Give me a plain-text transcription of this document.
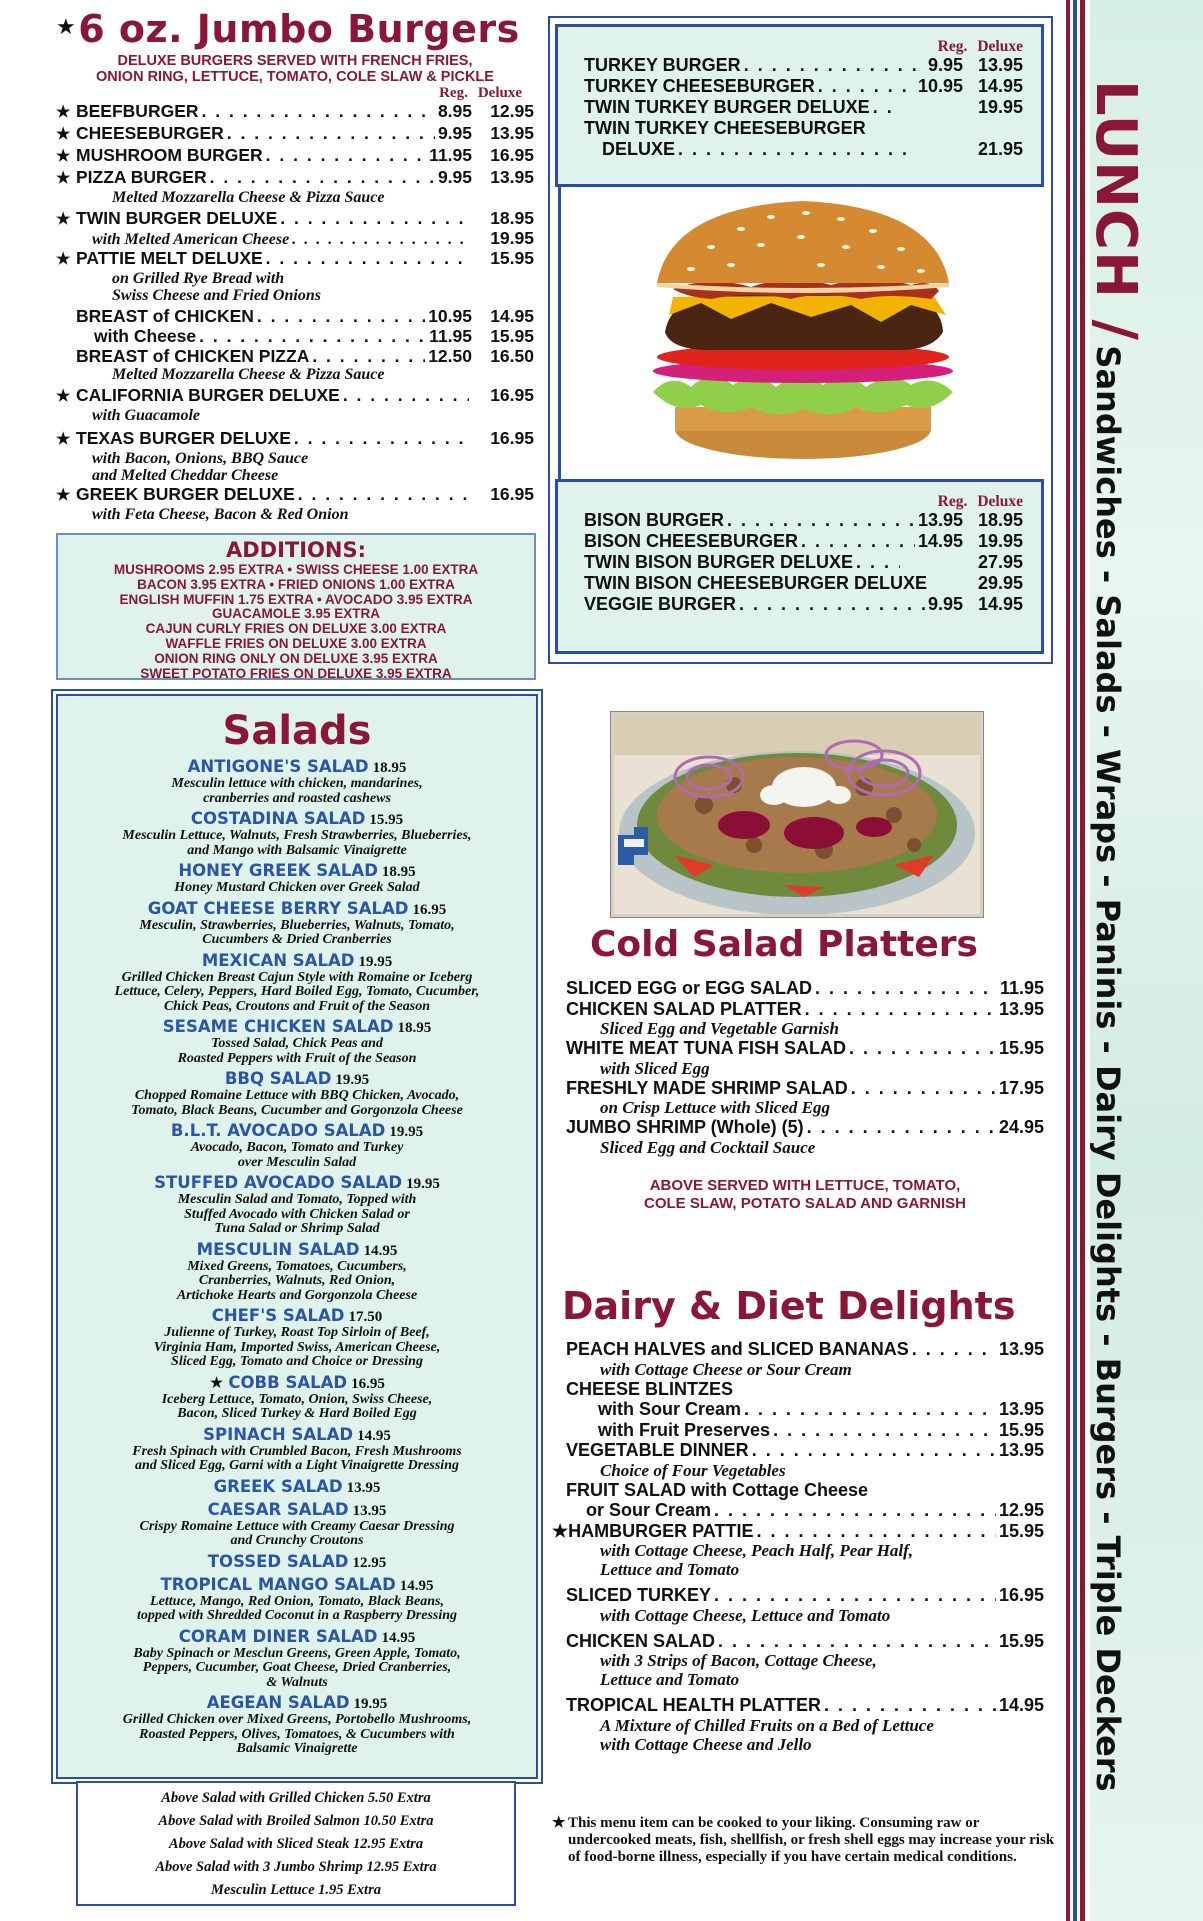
★6 oz. Jumbo Burgers
DELUXE BURGERS SERVED WITH FRENCH FRIES,
ONION RING, LETTUCE, TOMATO, COLE SLAW & PICKLE
Reg. Deluxe
★ BEEFBURGER . . .	8.95	12.95
★ CHEESEBURGER . . .	9.95	13.95
★ MUSHROOM BURGER . . .	11.95	16.95
★ PIZZA BURGER . . .	9.95	13.95
Melted Mozzarella Cheese & Pizza Sauce
★ TWIN BURGER DELUXE . . .	18.95
with Melted American Cheese . . .	19.95
★ PATTIE MELT DELUXE . . .	15.95
on Grilled Rye Bread with
Swiss Cheese and Fried Onions
BREAST of CHICKEN . . .	10.95	14.95
with Cheese . . .	11.95	15.95
BREAST of CHICKEN PIZZA . . .	12.50	16.50
Melted Mozzarella Cheese & Pizza Sauce
★ CALIFORNIA BURGER DELUXE . . .	16.95
with Guacamole
★ TEXAS BURGER DELUXE . . .	16.95
with Bacon, Onions, BBQ Sauce
and Melted Cheddar Cheese
★ GREEK BURGER DELUXE . . .	16.95
with Feta Cheese, Bacon & Red Onion
ADDITIONS:
MUSHROOMS 2.95 EXTRA • SWISS CHEESE 1.00 EXTRA
BACON 3.95 EXTRA • FRIED ONIONS 1.00 EXTRA
ENGLISH MUFFIN 1.75 EXTRA • AVOCADO 3.95 EXTRA
GUACAMOLE 3.95 EXTRA
CAJUN CURLY FRIES ON DELUXE 3.00 EXTRA
WAFFLE FRIES ON DELUXE 3.00 EXTRA
ONION RING ONLY ON DELUXE 3.95 EXTRA
SWEET POTATO FRIES ON DELUXE 3.95 EXTRA
Salads
ANTIGONE'S SALAD 18.95
Mesculin lettuce with chicken, mandarines,
cranberries and roasted cashews
COSTADINA SALAD 15.95
Mesculin Lettuce, Walnuts, Fresh Strawberries, Blueberries,
and Mango with Balsamic Vinaigrette
HONEY GREEK SALAD 18.95
Honey Mustard Chicken over Greek Salad
GOAT CHEESE BERRY SALAD 16.95
Mesculin, Strawberries, Blueberries, Walnuts, Tomato,
Cucumbers & Dried Cranberries
MEXICAN SALAD 19.95
Grilled Chicken Breast Cajun Style with Romaine or Iceberg
Lettuce, Celery, Peppers, Hard Boiled Egg, Tomato, Cucumber,
Chick Peas, Croutons and Fruit of the Season
SESAME CHICKEN SALAD 18.95
Tossed Salad, Chick Peas and
Roasted Peppers with Fruit of the Season
BBQ SALAD 19.95
Chopped Romaine Lettuce with BBQ Chicken, Avocado,
Tomato, Black Beans, Cucumber and Gorgonzola Cheese
B.L.T. AVOCADO SALAD 19.95
Avocado, Bacon, Tomato and Turkey
over Mesculin Salad
STUFFED AVOCADO SALAD 19.95
Mesculin Salad and Tomato, Topped with
Stuffed Avocado with Chicken Salad or
Tuna Salad or Shrimp Salad
MESCULIN SALAD 14.95
Mixed Greens, Tomatoes, Cucumbers,
Cranberries, Walnuts, Red Onion,
Artichoke Hearts and Gorgonzola Cheese
CHEF'S SALAD 17.50
Julienne of Turkey, Roast Top Sirloin of Beef,
Virginia Ham, Imported Swiss, American Cheese,
Sliced Egg, Tomato and Choice or Dressing
★ COBB SALAD 16.95
Iceberg Lettuce, Tomato, Onion, Swiss Cheese,
Bacon, Sliced Turkey & Hard Boiled Egg
SPINACH SALAD 14.95
Fresh Spinach with Crumbled Bacon, Fresh Mushrooms
and Sliced Egg, Garni with a Light Vinaigrette Dressing
GREEK SALAD 13.95
CAESAR SALAD 13.95
Crispy Romaine Lettuce with Creamy Caesar Dressing
and Crunchy Croutons
TOSSED SALAD 12.95
TROPICAL MANGO SALAD 14.95
Lettuce, Mango, Red Onion, Tomato, Black Beans,
topped with Shredded Coconut in a Raspberry Dressing
CORAM DINER SALAD 14.95
Baby Spinach or Mesclun Greens, Green Apple, Tomato,
Peppers, Cucumber, Goat Cheese, Dried Cranberries,
& Walnuts
AEGEAN SALAD 19.95
Grilled Chicken over Mixed Greens, Portobello Mushrooms,
Roasted Peppers, Olives, Tomatoes, & Cucumbers with
Balsamic Vinaigrette
Above Salad with Grilled Chicken 5.50 Extra
Above Salad with Broiled Salmon 10.50 Extra
Above Salad with Sliced Steak 12.95 Extra
Above Salad with 3 Jumbo Shrimp 12.95 Extra
Mesculin Lettuce 1.95 Extra
Reg. Deluxe
TURKEY BURGER . . .	9.95 13.95
TURKEY CHEESEBURGER . . .	10.95 14.95
TWIN TURKEY BURGER DELUXE . . .	19.95
TWIN TURKEY CHEESEBURGER
DELUXE . . .	21.95
Reg. Deluxe
BISON BURGER . . .	13.95 18.95
BISON CHEESEBURGER . . .	14.95 19.95
TWIN BISON BURGER DELUXE . . .	27.95
TWIN BISON CHEESEBURGER DELUXE	29.95
VEGGIE BURGER . . .	9.95 14.95
Cold Salad Platters
SLICED EGG or EGG SALAD . . .	11.95
CHICKEN SALAD PLATTER . . .	13.95
Sliced Egg and Vegetable Garnish
WHITE MEAT TUNA FISH SALAD . . .	15.95
with Sliced Egg
FRESHLY MADE SHRIMP SALAD . . .	17.95
on Crisp Lettuce with Sliced Egg
JUMBO SHRIMP (Whole) (5) . . .	24.95
Sliced Egg and Cocktail Sauce
ABOVE SERVED WITH LETTUCE, TOMATO,
COLE SLAW, POTATO SALAD AND GARNISH
Dairy & Diet Delights
PEACH HALVES and SLICED BANANAS . . .	13.95
with Cottage Cheese or Sour Cream
CHEESE BLINTZES
with Sour Cream . . .	13.95
with Fruit Preserves . . .	15.95
VEGETABLE DINNER . . .	13.95
Choice of Four Vegetables
FRUIT SALAD with Cottage Cheese
or Sour Cream . . .	12.95
★ HAMBURGER PATTIE . . .	15.95
with Cottage Cheese, Peach Half, Pear Half,
Lettuce and Tomato
SLICED TURKEY . . .	16.95
with Cottage Cheese, Lettuce and Tomato
CHICKEN SALAD . . .	15.95
with 3 Strips of Bacon, Cottage Cheese,
Lettuce and Tomato
TROPICAL HEALTH PLATTER . . .	14.95
A Mixture of Chilled Fruits on a Bed of Lettuce
with Cottage Cheese and Jello
★ This menu item can be cooked to your liking. Consuming raw or undercooked meats, fish, shellfish, or fresh shell eggs may increase your risk of food-borne illness, especially if you have certain medical conditions.

LUNCH / Sandwiches - Salads - Wraps - Paninis - Dairy Delights - Burgers - Triple Deckers
